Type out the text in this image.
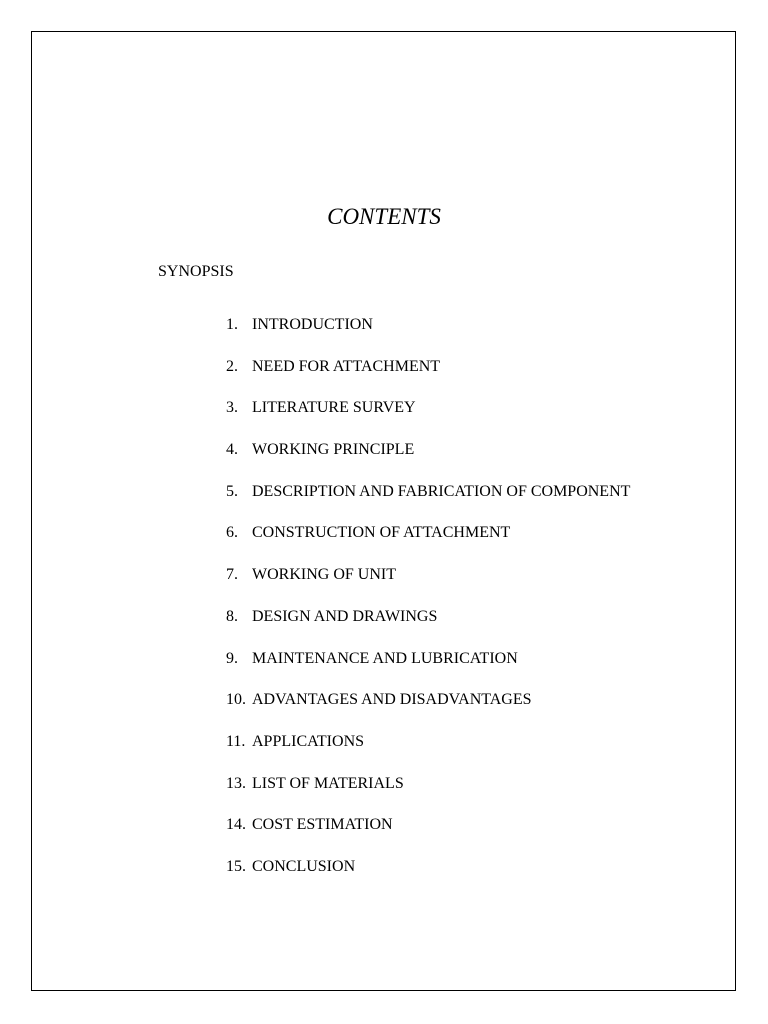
CONTENTS
SYNOPSIS
1. INTRODUCTION
2. NEED FOR ATTACHMENT
3. LITERATURE SURVEY
4. WORKING PRINCIPLE
5. DESCRIPTION AND FABRICATION OF COMPONENT
6. CONSTRUCTION OF ATTACHMENT
7. WORKING OF UNIT
8. DESIGN AND DRAWINGS
9. MAINTENANCE AND LUBRICATION
10. ADVANTAGES AND DISADVANTAGES
11. APPLICATIONS
13. LIST OF MATERIALS
14. COST ESTIMATION
15. CONCLUSION
